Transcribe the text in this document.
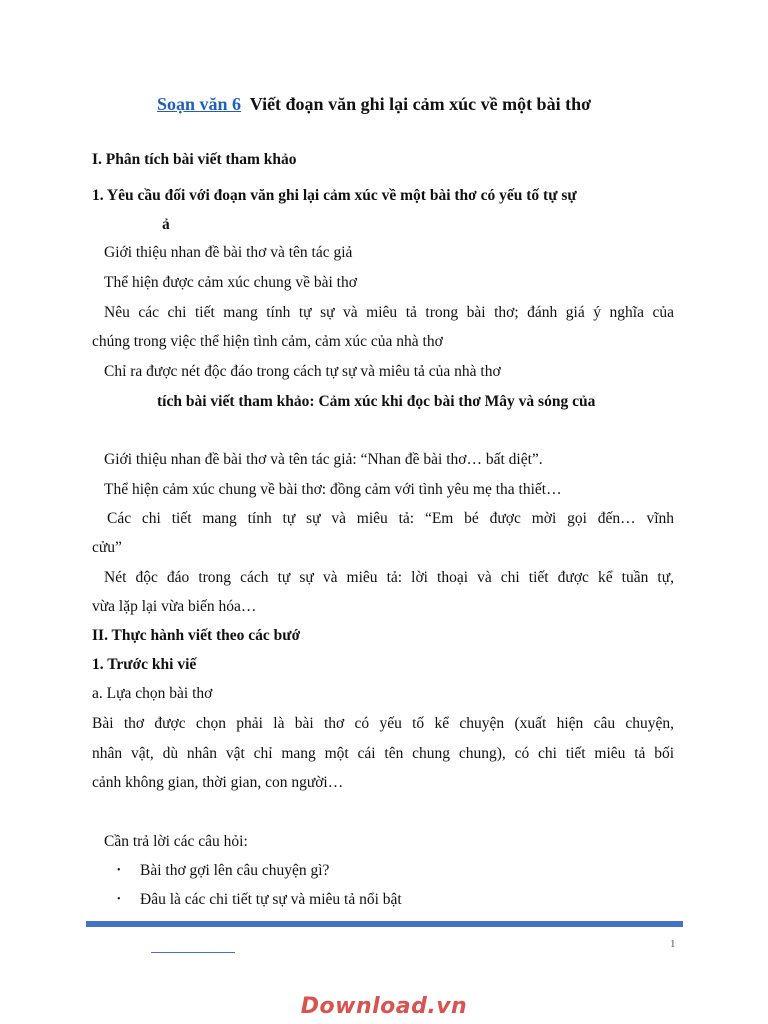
Soạn văn 6 Viết đoạn văn ghi lại cảm xúc về một bài thơ
I. Phân tích bài viết tham khảo
1. Yêu cầu đối với đoạn văn ghi lại cảm xúc về một bài thơ có yếu tố tự sự
ả
Giới thiệu nhan đề bài thơ và tên tác giả
Thể hiện được cảm xúc chung về bài thơ
Nêu các chi tiết mang tính tự sự và miêu tả trong bài thơ; đánh giá ý nghĩa của
chúng trong việc thể hiện tình cảm, cảm xúc của nhà thơ
Chỉ ra được nét độc đáo trong cách tự sự và miêu tả của nhà thơ
tích bài viết tham khảo: Cảm xúc khi đọc bài thơ Mây và sóng của
Giới thiệu nhan đề bài thơ và tên tác giả: “Nhan đề bài thơ… bất diệt”.
Thể hiện cảm xúc chung về bài thơ: đồng cảm với tình yêu mẹ tha thiết…
Các chi tiết mang tính tự sự và miêu tả: “Em bé được mời gọi đến… vĩnh
cửu”
Nét độc đáo trong cách tự sự và miêu tả: lời thoại và chi tiết được kể tuần tự,
vừa lặp lại vừa biến hóa…
II. Thực hành viết theo các bướ
1. Trước khi viế
a. Lựa chọn bài thơ
Bài thơ được chọn phải là bài thơ có yếu tố kể chuyện (xuất hiện câu chuyện,
nhân vật, dù nhân vật chỉ mang một cái tên chung chung), có chi tiết miêu tả bối
cảnh không gian, thời gian, con người…
Cần trả lời các câu hỏi:
• Bài thơ gợi lên câu chuyện gì?
• Đâu là các chi tiết tự sự và miêu tả nổi bật
1
Download.vn
